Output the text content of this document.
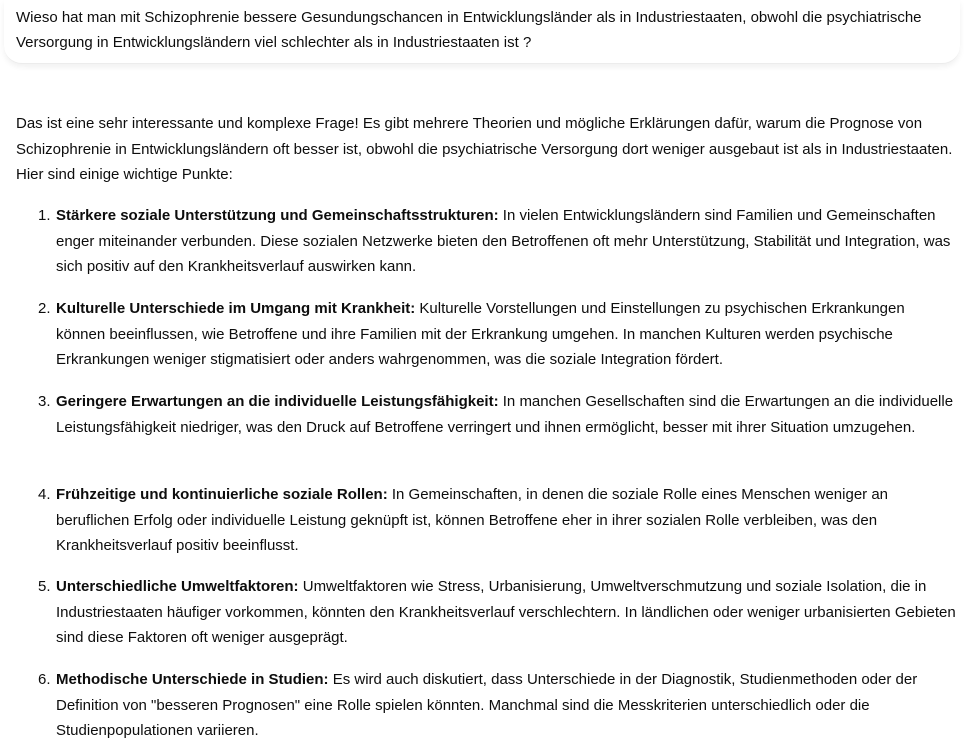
Wieso hat man mit Schizophrenie bessere Gesundungschancen in Entwicklungsländer als in Industriestaaten, obwohl die psychiatrische Versorgung in Entwicklungsländern viel schlechter als in Industriestaaten ist ?

Das ist eine sehr interessante und komplexe Frage! Es gibt mehrere Theorien und mögliche Erklärungen dafür, warum die Prognose von Schizophrenie in Entwicklungsländern oft besser ist, obwohl die psychiatrische Versorgung dort weniger ausgebaut ist als in Industriestaaten. Hier sind einige wichtige Punkte:

1. Stärkere soziale Unterstützung und Gemeinschaftsstrukturen: In vielen Entwicklungsländern sind Familien und Gemeinschaften enger miteinander verbunden. Diese sozialen Netzwerke bieten den Betroffenen oft mehr Unterstützung, Stabilität und Integration, was sich positiv auf den Krankheitsverlauf auswirken kann.
2. Kulturelle Unterschiede im Umgang mit Krankheit: Kulturelle Vorstellungen und Einstellungen zu psychischen Erkrankungen können beeinflussen, wie Betroffene und ihre Familien mit der Erkrankung umgehen. In manchen Kulturen werden psychische Erkrankungen weniger stigmatisiert oder anders wahrgenommen, was die soziale Integration fördert.
3. Geringere Erwartungen an die individuelle Leistungsfähigkeit: In manchen Gesellschaften sind die Erwartungen an die individuelle Leistungsfähigkeit niedriger, was den Druck auf Betroffene verringert und ihnen ermöglicht, besser mit ihrer Situation umzugehen.
4. Frühzeitige und kontinuierliche soziale Rollen: In Gemeinschaften, in denen die soziale Rolle eines Menschen weniger an beruflichen Erfolg oder individuelle Leistung geknüpft ist, können Betroffene eher in ihrer sozialen Rolle verbleiben, was den Krankheitsverlauf positiv beeinflusst.
5. Unterschiedliche Umweltfaktoren: Umweltfaktoren wie Stress, Urbanisierung, Umweltverschmutzung und soziale Isolation, die in Industriestaaten häufiger vorkommen, könnten den Krankheitsverlauf verschlechtern. In ländlichen oder weniger urbanisierten Gebieten sind diese Faktoren oft weniger ausgeprägt.
6. Methodische Unterschiede in Studien: Es wird auch diskutiert, dass Unterschiede in der Diagnostik, Studienmethoden oder der Definition von "besseren Prognosen" eine Rolle spielen könnten. Manchmal sind die Messkriterien unterschiedlich oder die Studienpopulationen variieren.
